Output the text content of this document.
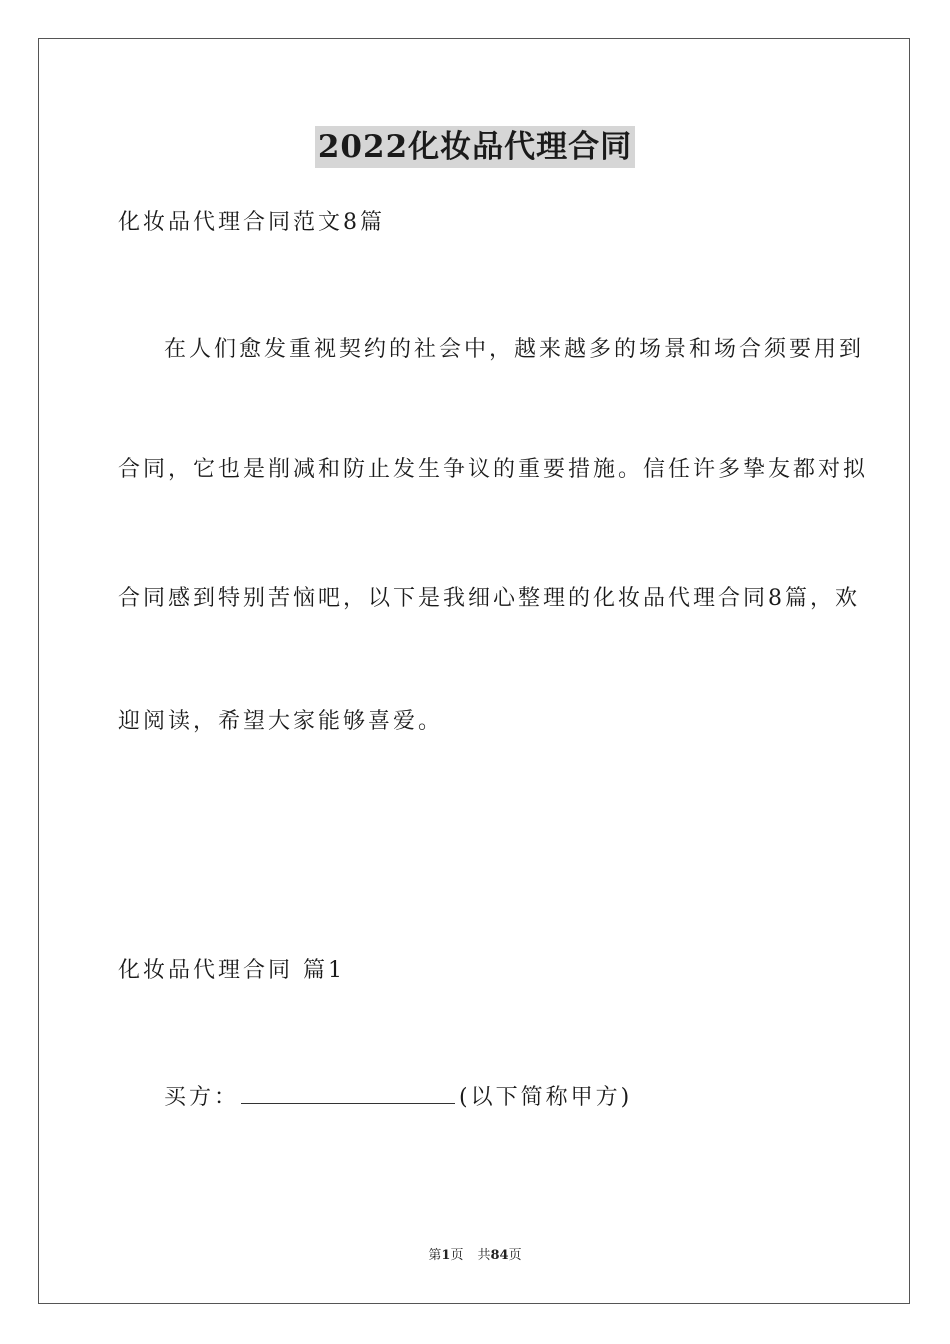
2022化妆品代理合同
化妆品代理合同范文8篇
在人们愈发重视契约的社会中，越来越多的场景和场合须要用到
合同，它也是削减和防止发生争议的重要措施。信任许多挚友都对拟
合同感到特别苦恼吧，以下是我细心整理的化妆品代理合同8篇，欢
迎阅读，希望大家能够喜爱。
化妆品代理合同 篇1
买方：	(以下简称甲方)
第1页 共84页
